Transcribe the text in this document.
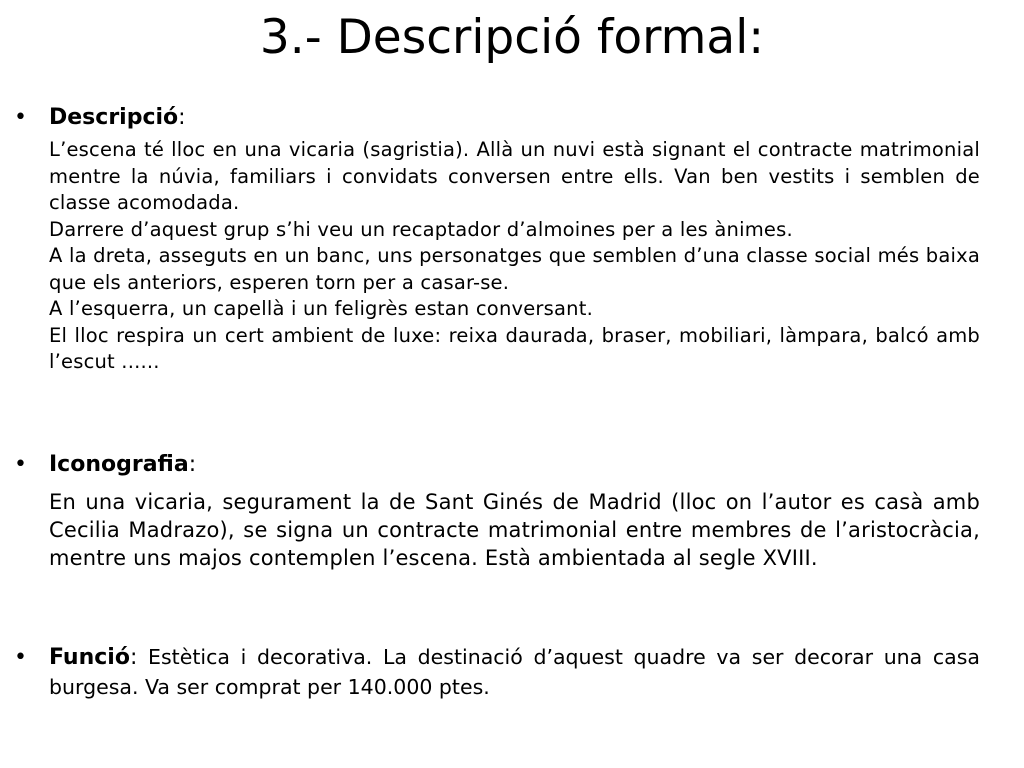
3.- Descripció formal:
• Descripció:

L’escena té lloc en una vicaria (sagristia). Allà un nuvi està signant el contracte matrimonial mentre la núvia, familiars i convidats conversen entre ells. Van ben vestits i semblen de classe acomodada.

Darrere d’aquest grup s’hi veu un recaptador d’almoines per a les ànimes.

A la dreta, asseguts en un banc, uns personatges que semblen d’una classe social més baixa que els anteriors, esperen torn per a casar-se.

A l’esquerra, un capellà i un feligrès estan conversant.

El lloc respira un cert ambient de luxe: reixa daurada, braser, mobiliari, làmpara, balcó amb l’escut ......

• Iconografia:

En una vicaria, segurament la de Sant Ginés de Madrid (lloc on l’autor es casà amb Cecilia Madrazo), se signa un contracte matrimonial entre membres de l’aristocràcia, mentre uns majos contemplen l’escena. Està ambientada al segle XVIII.

• Funció: Estètica i decorativa. La destinació d’aquest quadre va ser decorar una casa burgesa. Va ser comprat per 140.000 ptes.
